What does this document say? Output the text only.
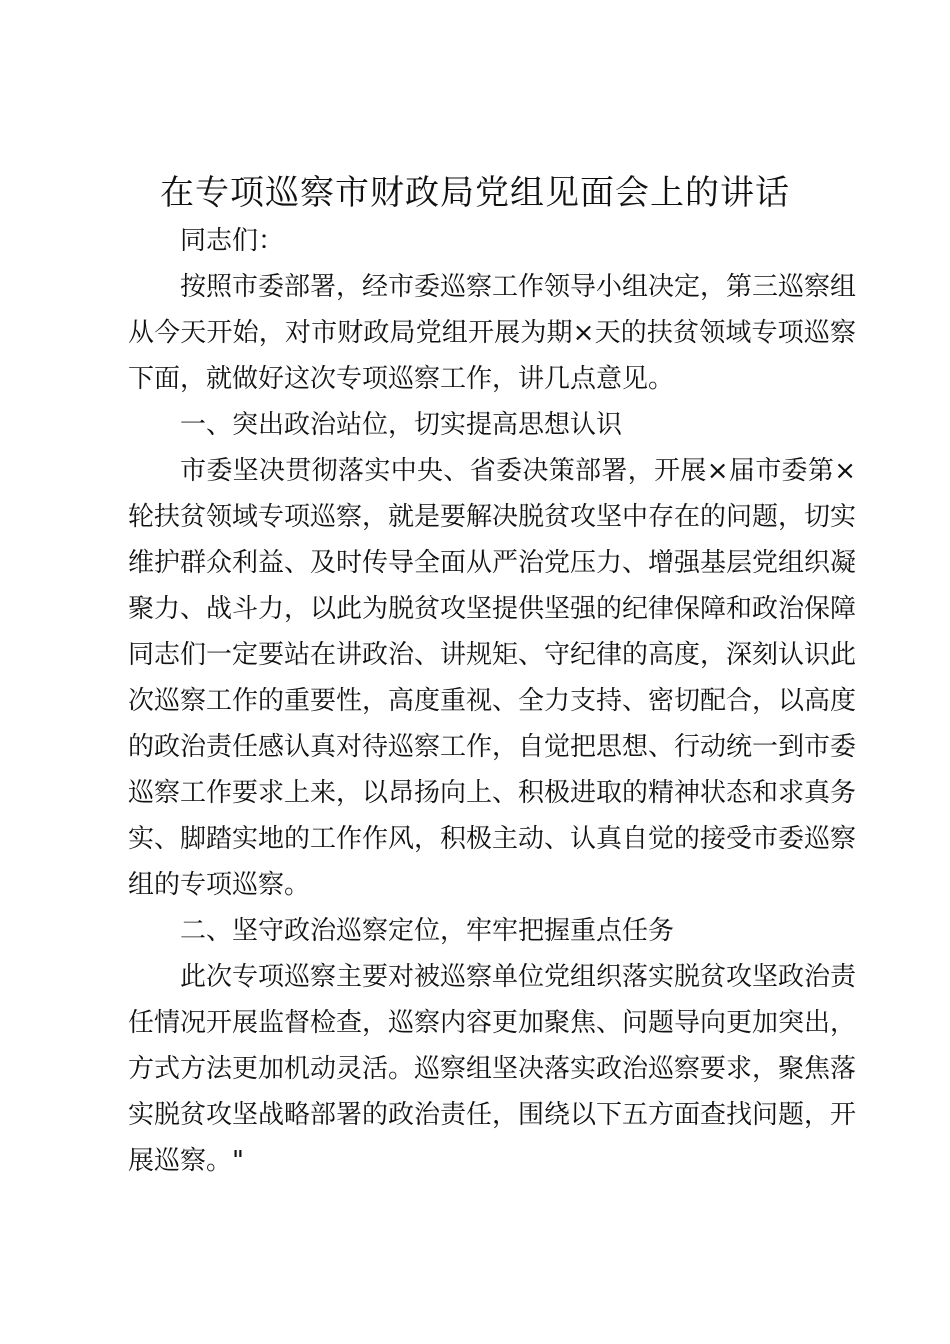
在专项巡察市财政局党组见面会上的讲话

同志们：

按照市委部署，经市委巡察工作领导小组决定，第三巡察组从今天开始，对市财政局党组开展为期×天的扶贫领域专项巡察下面，就做好这次专项巡察工作，讲几点意见。

一、突出政治站位，切实提高思想认识

市委坚决贯彻落实中央、省委决策部署，开展×届市委第×轮扶贫领域专项巡察，就是要解决脱贫攻坚中存在的问题，切实维护群众利益、及时传导全面从严治党压力、增强基层党组织凝聚力、战斗力，以此为脱贫攻坚提供坚强的纪律保障和政治保障同志们一定要站在讲政治、讲规矩、守纪律的高度，深刻认识此次巡察工作的重要性，高度重视、全力支持、密切配合，以高度的政治责任感认真对待巡察工作，自觉把思想、行动统一到市委巡察工作要求上来，以昂扬向上、积极进取的精神状态和求真务实、脚踏实地的工作作风，积极主动、认真自觉的接受市委巡察组的专项巡察。

二、坚守政治巡察定位，牢牢把握重点任务

此次专项巡察主要对被巡察单位党组织落实脱贫攻坚政治责任情况开展监督检查，巡察内容更加聚焦、问题导向更加突出，方式方法更加机动灵活。巡察组坚决落实政治巡察要求，聚焦落实脱贫攻坚战略部署的政治责任，围绕以下五方面查找问题，开展巡察。"
